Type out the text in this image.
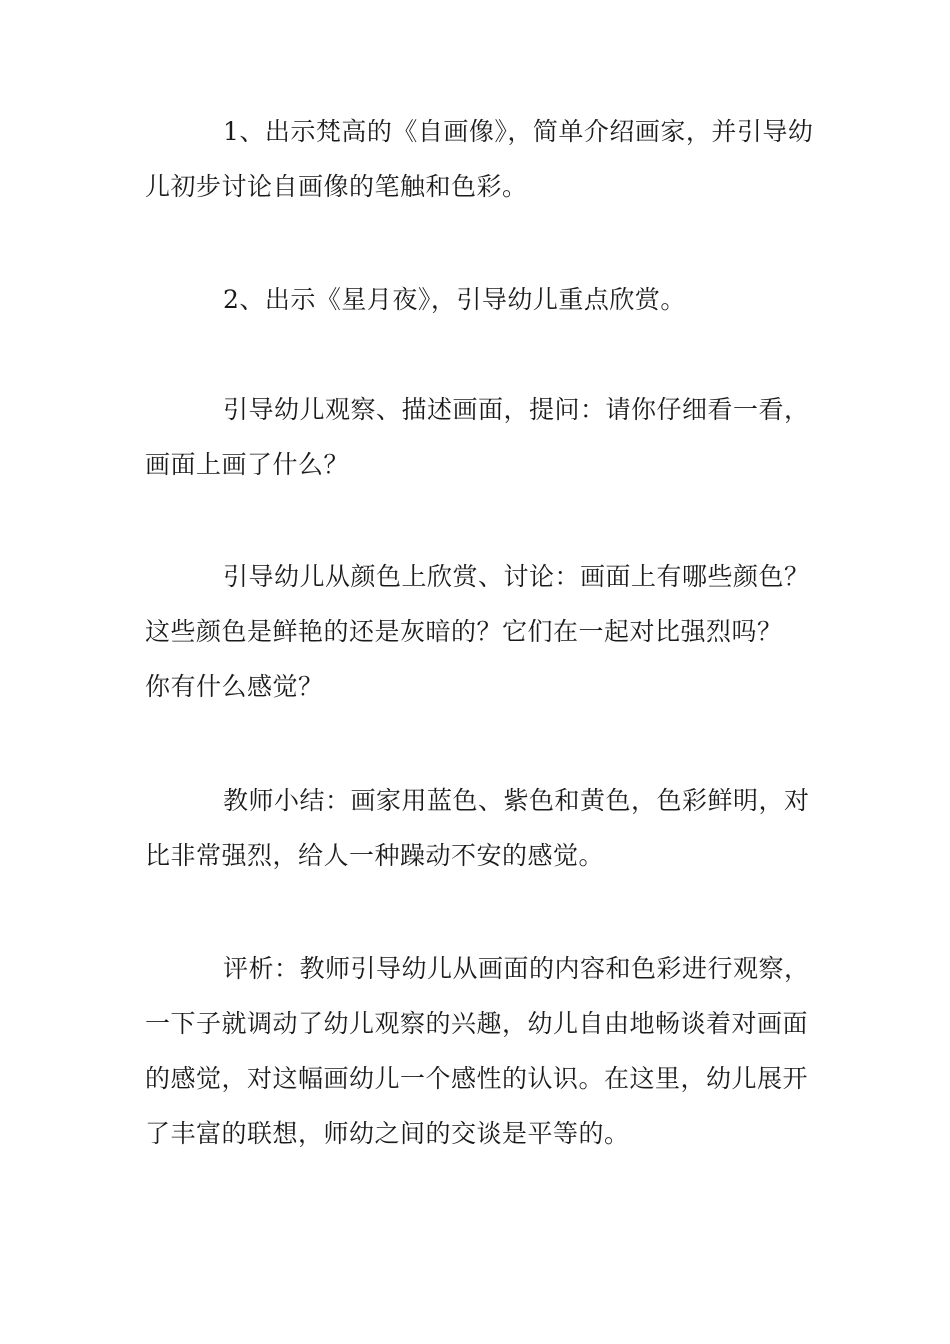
1、出示梵高的《自画像》，简单介绍画家，并引导幼
儿初步讨论自画像的笔触和色彩。
2、出示《星月夜》，引导幼儿重点欣赏。
引导幼儿观察、描述画面，提问：请你仔细看一看，
画面上画了什么？
引导幼儿从颜色上欣赏、讨论：画面上有哪些颜色？
这些颜色是鲜艳的还是灰暗的？它们在一起对比强烈吗？
你有什么感觉？
教师小结：画家用蓝色、紫色和黄色，色彩鲜明，对
比非常强烈，给人一种躁动不安的感觉。
评析：教师引导幼儿从画面的内容和色彩进行观察，
一下子就调动了幼儿观察的兴趣，幼儿自由地畅谈着对画面
的感觉，对这幅画幼儿一个感性的认识。在这里，幼儿展开
了丰富的联想，师幼之间的交谈是平等的。
